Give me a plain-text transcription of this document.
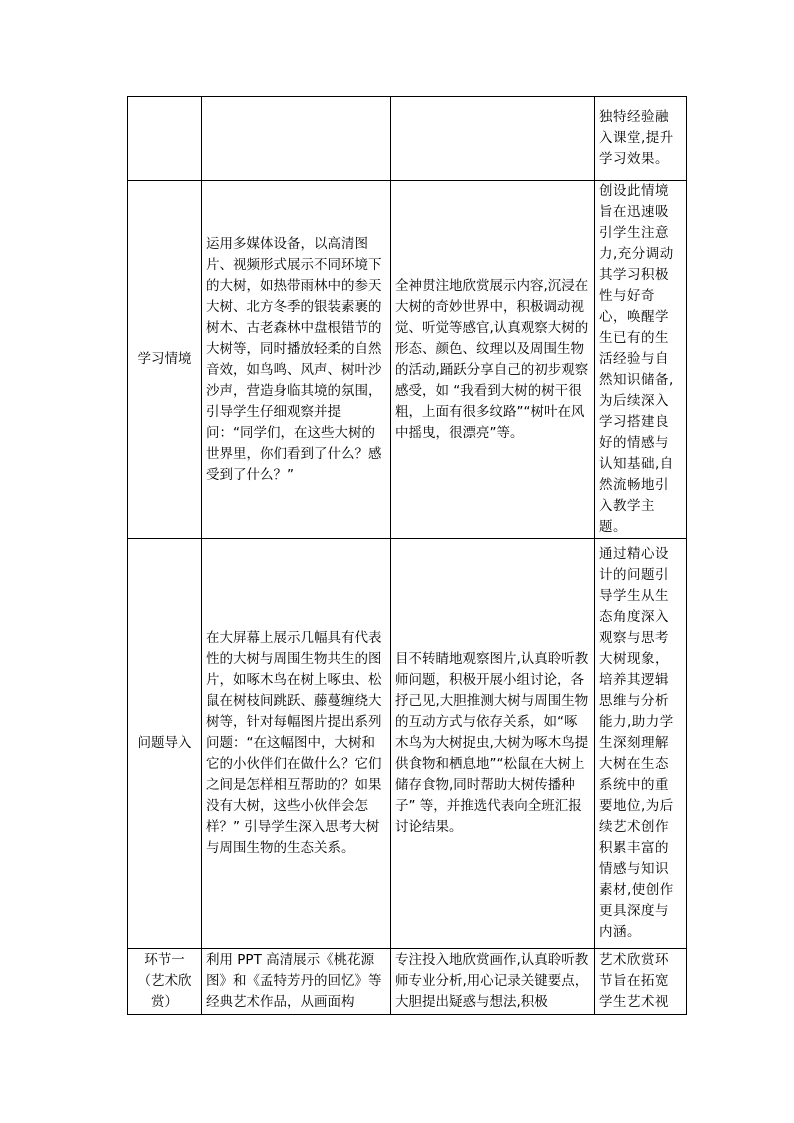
			独特经验融入课堂,提升学习效果。
学习情境	运用多媒体设备，以高清图片、视频形式展示不同环境下的大树，如热带雨林中的参天大树、北方冬季的银装素裹的树木、古老森林中盘根错节的大树等，同时播放轻柔的自然音效，如鸟鸣、风声、树叶沙沙声，营造身临其境的氛围，引导学生仔细观察并提问：“同学们，在这些大树的世界里，你们看到了什么？感受到了什么？”	全神贯注地欣赏展示内容,沉浸在大树的奇妙世界中，积极调动视觉、听觉等感官,认真观察大树的形态、颜色、纹理以及周围生物的活动,踊跃分享自己的初步观察感受，如 “我看到大树的树干很粗，上面有很多纹路”“树叶在风中摇曳，很漂亮”等。	创设此情境旨在迅速吸引学生注意力,充分调动其学习积极性与好奇心，唤醒学生已有的生活经验与自然知识储备,为后续深入学习搭建良好的情感与认知基础,自然流畅地引入教学主题。
问题导入	在大屏幕上展示几幅具有代表性的大树与周围生物共生的图片，如啄木鸟在树上啄虫、松鼠在树枝间跳跃、藤蔓缠绕大树等，针对每幅图片提出系列问题：“在这幅图中，大树和它的小伙伴们在做什么？它们之间是怎样相互帮助的？如果没有大树，这些小伙伴会怎样？” 引导学生深入思考大树与周围生物的生态关系。	目不转睛地观察图片,认真聆听教师问题，积极开展小组讨论，各抒己见,大胆推测大树与周围生物的互动方式与依存关系，如“啄木鸟为大树捉虫,大树为啄木鸟提供食物和栖息地”“松鼠在大树上储存食物,同时帮助大树传播种子” 等，并推选代表向全班汇报讨论结果。	通过精心设计的问题引导学生从生态角度深入观察与思考大树现象，培养其逻辑思维与分析能力,助力学生深刻理解大树在生态系统中的重要地位,为后续艺术创作积累丰富的情感与知识素材,使创作更具深度与内涵。
环节一（艺术欣赏）	利用 PPT 高清展示《桃花源图》和《孟特芳丹的回忆》等经典艺术作品，从画面构	专注投入地欣赏画作,认真聆听教师专业分析,用心记录关键要点，大胆提出疑惑与想法,积极	艺术欣赏环节旨在拓宽学生艺术视
